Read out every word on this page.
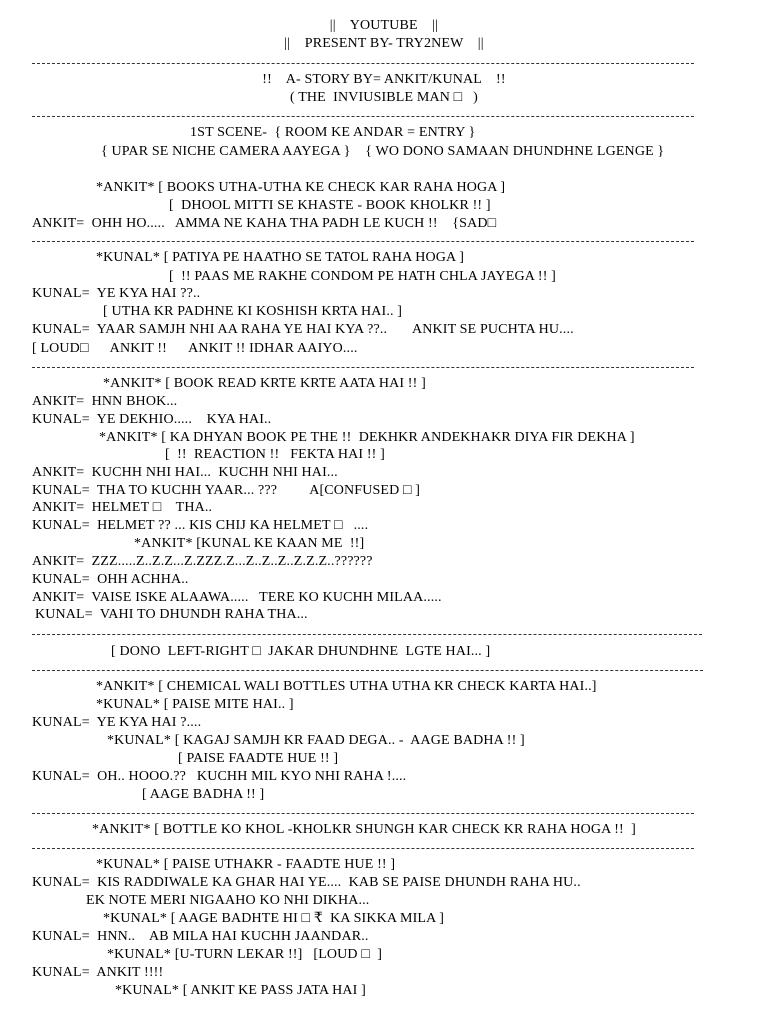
||    YOUTUBE    ||
||    PRESENT BY- TRY2NEW    ||
!!    A- STORY BY= ANKIT/KUNAL    !!
( THE  INVIUSIBLE MAN □   )
1ST SCENE-  { ROOM KE ANDAR = ENTRY }
{ UPAR SE NICHE CAMERA AAYEGA }    { WO DONO SAMAAN DHUNDHNE LGENGE }
*ANKIT* [ BOOKS UTHA-UTHA KE CHECK KAR RAHA HOGA ]
[  DHOOL MITTI SE KHASTE - BOOK KHOLKR !! ]
ANKIT=  OHH HO.....   AMMA NE KAHA THA PADH LE KUCH !!    {SAD□
*KUNAL* [ PATIYA PE HAATHO SE TATOL RAHA HOGA ]
[  !! PAAS ME RAKHE CONDOM PE HATH CHLA JAYEGA !! ]
KUNAL=  YE KYA HAI ??..
[ UTHA KR PADHNE KI KOSHISH KRTA HAI.. ]
KUNAL=  YAAR SAMJH NHI AA RAHA YE HAI KYA ??..       ANKIT SE PUCHTA HU....
[ LOUD□      ANKIT !!      ANKIT !! IDHAR AAIYO....
*ANKIT* [ BOOK READ KRTE KRTE AATA HAI !! ]
ANKIT=  HNN BHOK...
KUNAL=  YE DEKHIO.....    KYA HAI..
*ANKIT* [ KA DHYAN BOOK PE THE !!  DEKHKR ANDEKHAKR DIYA FIR DEKHA ]
[  !!  REACTION !!   FEKTA HAI !! ]
ANKIT=  KUCHH NHI HAI...  KUCHH NHI HAI...
KUNAL=  THA TO KUCHH YAAR... ???         A[CONFUSED □ ]
ANKIT=  HELMET □    THA..
KUNAL=  HELMET ?? ... KIS CHIJ KA HELMET □   ....
*ANKIT* [KUNAL KE KAAN ME  !!]
ANKIT=  ZZZ.....Z..Z.Z...Z.ZZZ.Z...Z..Z..Z..Z.Z.Z..??????
KUNAL=  OHH ACHHA..
ANKIT=  VAISE ISKE ALAAWA.....   TERE KO KUCHH MILAA.....
KUNAL=  VAHI TO DHUNDH RAHA THA...
[ DONO  LEFT-RIGHT □  JAKAR DHUNDHNE  LGTE HAI... ]
*ANKIT* [ CHEMICAL WALI BOTTLES UTHA UTHA KR CHECK KARTA HAI..]
*KUNAL* [ PAISE MITE HAI.. ]
KUNAL=  YE KYA HAI ?....
*KUNAL* [ KAGAJ SAMJH KR FAAD DEGA.. -  AAGE BADHA !! ]
[ PAISE FAADTE HUE !! ]
KUNAL=  OH.. HOOO.??   KUCHH MIL KYO NHI RAHA !....
[ AAGE BADHA !! ]
*ANKIT* [ BOTTLE KO KHOL -KHOLKR SHUNGH KAR CHECK KR RAHA HOGA !!  ]
*KUNAL* [ PAISE UTHAKR - FAADTE HUE !! ]
KUNAL=  KIS RADDIWALE KA GHAR HAI YE....  KAB SE PAISE DHUNDH RAHA HU..
EK NOTE MERI NIGAAHO KO NHI DIKHA...
*KUNAL* [ AAGE BADHTE HI □ ₹  KA SIKKA MILA ]
KUNAL=  HNN..    AB MILA HAI KUCHH JAANDAR..
*KUNAL* [U-TURN LEKAR !!]   [LOUD □  ]
KUNAL=  ANKIT !!!!
*KUNAL* [ ANKIT KE PASS JATA HAI ]
